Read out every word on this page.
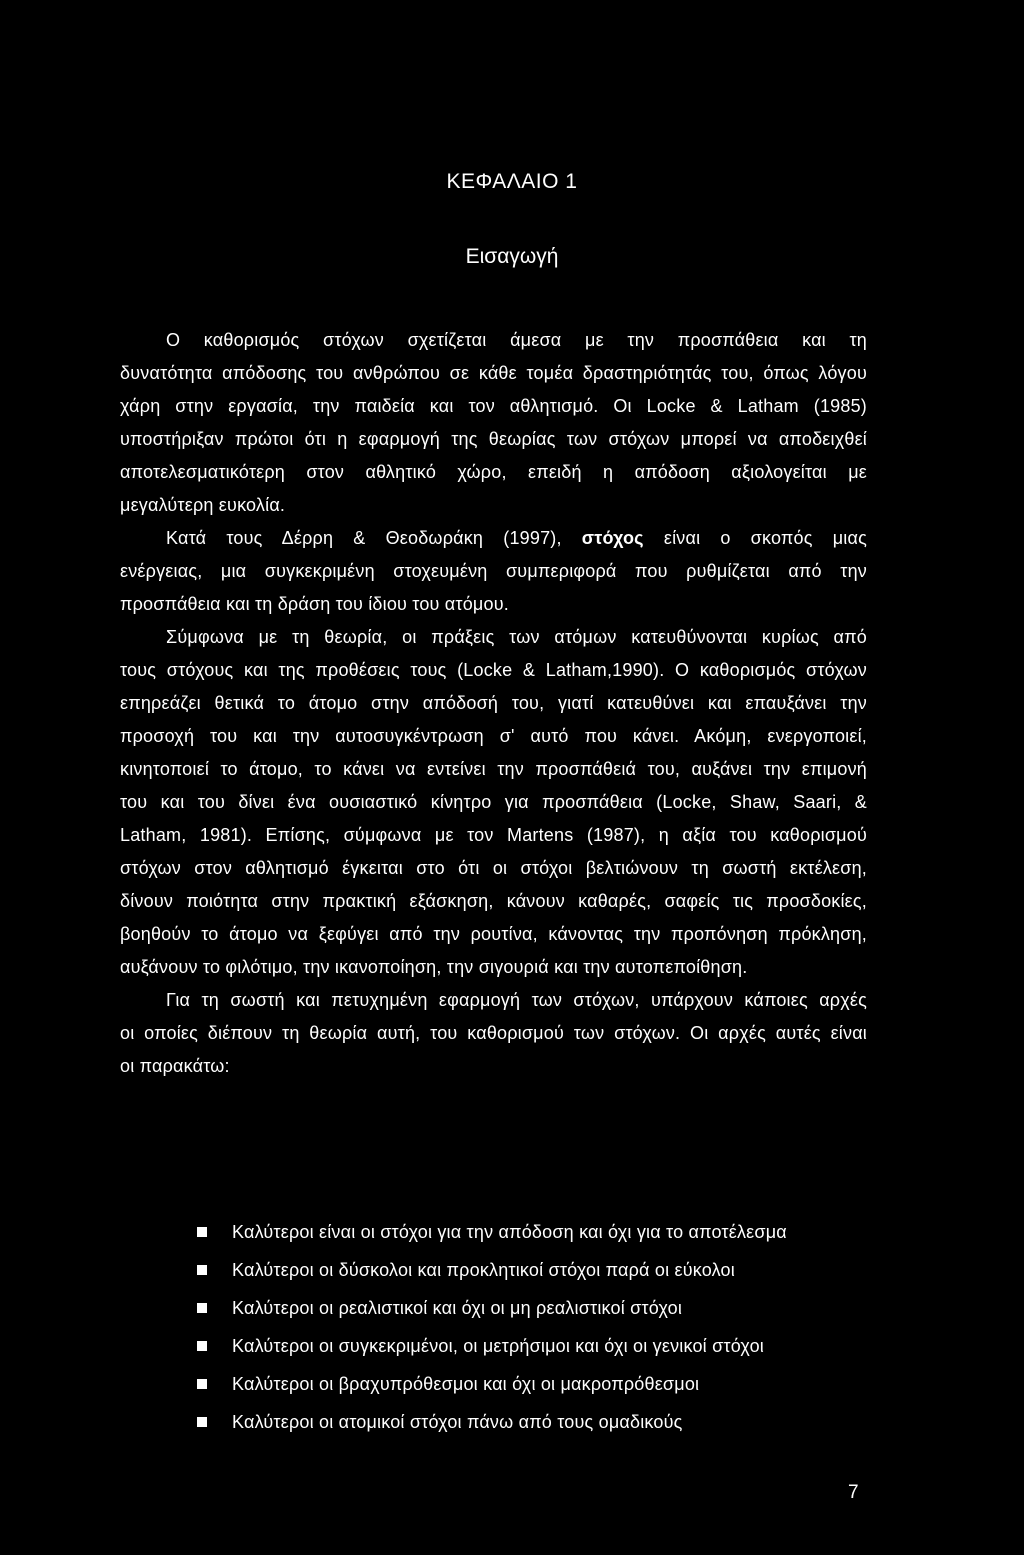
ΚΕΦΑΛΑΙΟ 1
Εισαγωγή
Ο καθορισμός στόχων σχετίζεται άμεσα με την προσπάθεια και τη
δυνατότητα απόδοσης του ανθρώπου σε κάθε τομέα δραστηριότητάς του, όπως λόγου
χάρη στην εργασία, την παιδεία και τον αθλητισμό. Οι Locke & Latham (1985)
υποστήριξαν πρώτοι ότι η εφαρμογή της θεωρίας των στόχων μπορεί να αποδειχθεί
αποτελεσματικότερη στον αθλητικό χώρο, επειδή η απόδοση αξιολογείται με
μεγαλύτερη ευκολία.
Κατά τους Δέρρη & Θεοδωράκη (1997), στόχος είναι ο σκοπός μιας
ενέργειας, μια συγκεκριμένη στοχευμένη συμπεριφορά που ρυθμίζεται από την
προσπάθεια και τη δράση του ίδιου του ατόμου.
Σύμφωνα με τη θεωρία, οι πράξεις των ατόμων κατευθύνονται κυρίως από
τους στόχους και της προθέσεις τους (Locke & Latham,1990). Ο καθορισμός στόχων
επηρεάζει θετικά το άτομο στην απόδοσή του, γιατί κατευθύνει και επαυξάνει την
προσοχή του και την αυτοσυγκέντρωση σ' αυτό που κάνει. Ακόμη, ενεργοποιεί,
κινητοποιεί το άτομο, το κάνει να εντείνει την προσπάθειά του, αυξάνει την επιμονή
του και του δίνει ένα ουσιαστικό κίνητρο για προσπάθεια (Locke, Shaw, Saari, &
Latham, 1981). Επίσης, σύμφωνα με τον Martens (1987), η αξία του καθορισμού
στόχων στον αθλητισμό έγκειται στο ότι οι στόχοι βελτιώνουν τη σωστή εκτέλεση,
δίνουν ποιότητα στην πρακτική εξάσκηση, κάνουν καθαρές, σαφείς τις προσδοκίες,
βοηθούν το άτομο να ξεφύγει από την ρουτίνα, κάνοντας την προπόνηση πρόκληση,
αυξάνουν το φιλότιμο, την ικανοποίηση, την σιγουριά και την αυτοπεποίθηση.
Για τη σωστή και πετυχημένη εφαρμογή των στόχων, υπάρχουν κάποιες αρχές
οι οποίες διέπουν τη θεωρία αυτή, του καθορισμού των στόχων. Οι αρχές αυτές είναι
οι παρακάτω:
Καλύτεροι είναι οι στόχοι για την απόδοση και όχι για το αποτέλεσμα
Καλύτεροι οι δύσκολοι και προκλητικοί στόχοι παρά οι εύκολοι
Καλύτεροι οι ρεαλιστικοί και όχι οι μη ρεαλιστικοί στόχοι
Καλύτεροι οι συγκεκριμένοι, οι μετρήσιμοι και όχι οι γενικοί στόχοι
Καλύτεροι οι βραχυπρόθεσμοι και όχι οι μακροπρόθεσμοι
Καλύτεροι οι ατομικοί στόχοι πάνω από τους ομαδικούς
7
